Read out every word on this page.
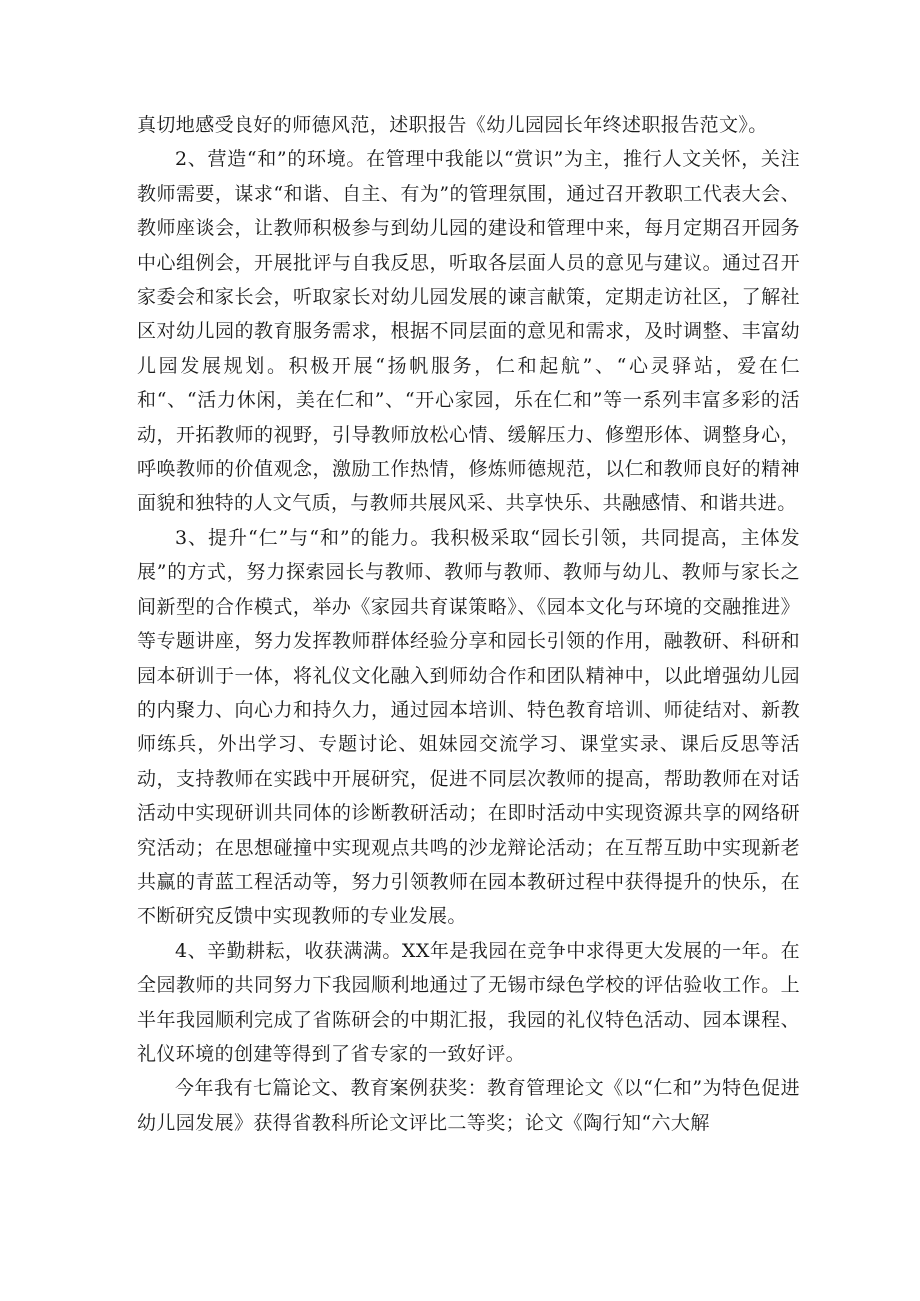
真切地感受良好的师德风范，述职报告《幼儿园园长年终述职报告范文》。

2、营造“和”的环境。在管理中我能以“赏识”为主，推行人文关怀，关注教师需要，谋求“和谐、自主、有为”的管理氛围，通过召开教职工代表大会、教师座谈会，让教师积极参与到幼儿园的建设和管理中来，每月定期召开园务中心组例会，开展批评与自我反思，听取各层面人员的意见与建议。通过召开家委会和家长会，听取家长对幼儿园发展的谏言献策，定期走访社区，了解社区对幼儿园的教育服务需求，根据不同层面的意见和需求，及时调整、丰富幼儿园发展规划。积极开展“扬帆服务，仁和起航”、“心灵驿站，爱在仁和“、“活力休闲，美在仁和”、“开心家园，乐在仁和”等一系列丰富多彩的活动，开拓教师的视野，引导教师放松心情、缓解压力、修塑形体、调整身心，呼唤教师的价值观念，激励工作热情，修炼师德规范，以仁和教师良好的精神面貌和独特的人文气质，与教师共展风采、共享快乐、共融感情、和谐共进。

3、提升“仁”与“和”的能力。我积极采取“园长引领，共同提高，主体发展”的方式，努力探索园长与教师、教师与教师、教师与幼儿、教师与家长之间新型的合作模式，举办《家园共育谋策略》、《园本文化与环境的交融推进》等专题讲座，努力发挥教师群体经验分享和园长引领的作用，融教研、科研和园本研训于一体，将礼仪文化融入到师幼合作和团队精神中，以此增强幼儿园的内聚力、向心力和持久力，通过园本培训、特色教育培训、师徒结对、新教师练兵，外出学习、专题讨论、姐妹园交流学习、课堂实录、课后反思等活动，支持教师在实践中开展研究，促进不同层次教师的提高，帮助教师在对话活动中实现研训共同体的诊断教研活动；在即时活动中实现资源共享的网络研究活动；在思想碰撞中实现观点共鸣的沙龙辩论活动；在互帮互助中实现新老共赢的青蓝工程活动等，努力引领教师在园本教研过程中获得提升的快乐，在不断研究反馈中实现教师的专业发展。

4、辛勤耕耘，收获满满。XX年是我园在竞争中求得更大发展的一年。在全园教师的共同努力下我园顺利地通过了无锡市绿色学校的评估验收工作。上半年我园顺利完成了省陈研会的中期汇报，我园的礼仪特色活动、园本课程、礼仪环境的创建等得到了省专家的一致好评。

今年我有七篇论文、教育案例获奖：教育管理论文《以“仁和”为特色促进幼儿园发展》获得省教科所论文评比二等奖；论文《陶行知“六大解
